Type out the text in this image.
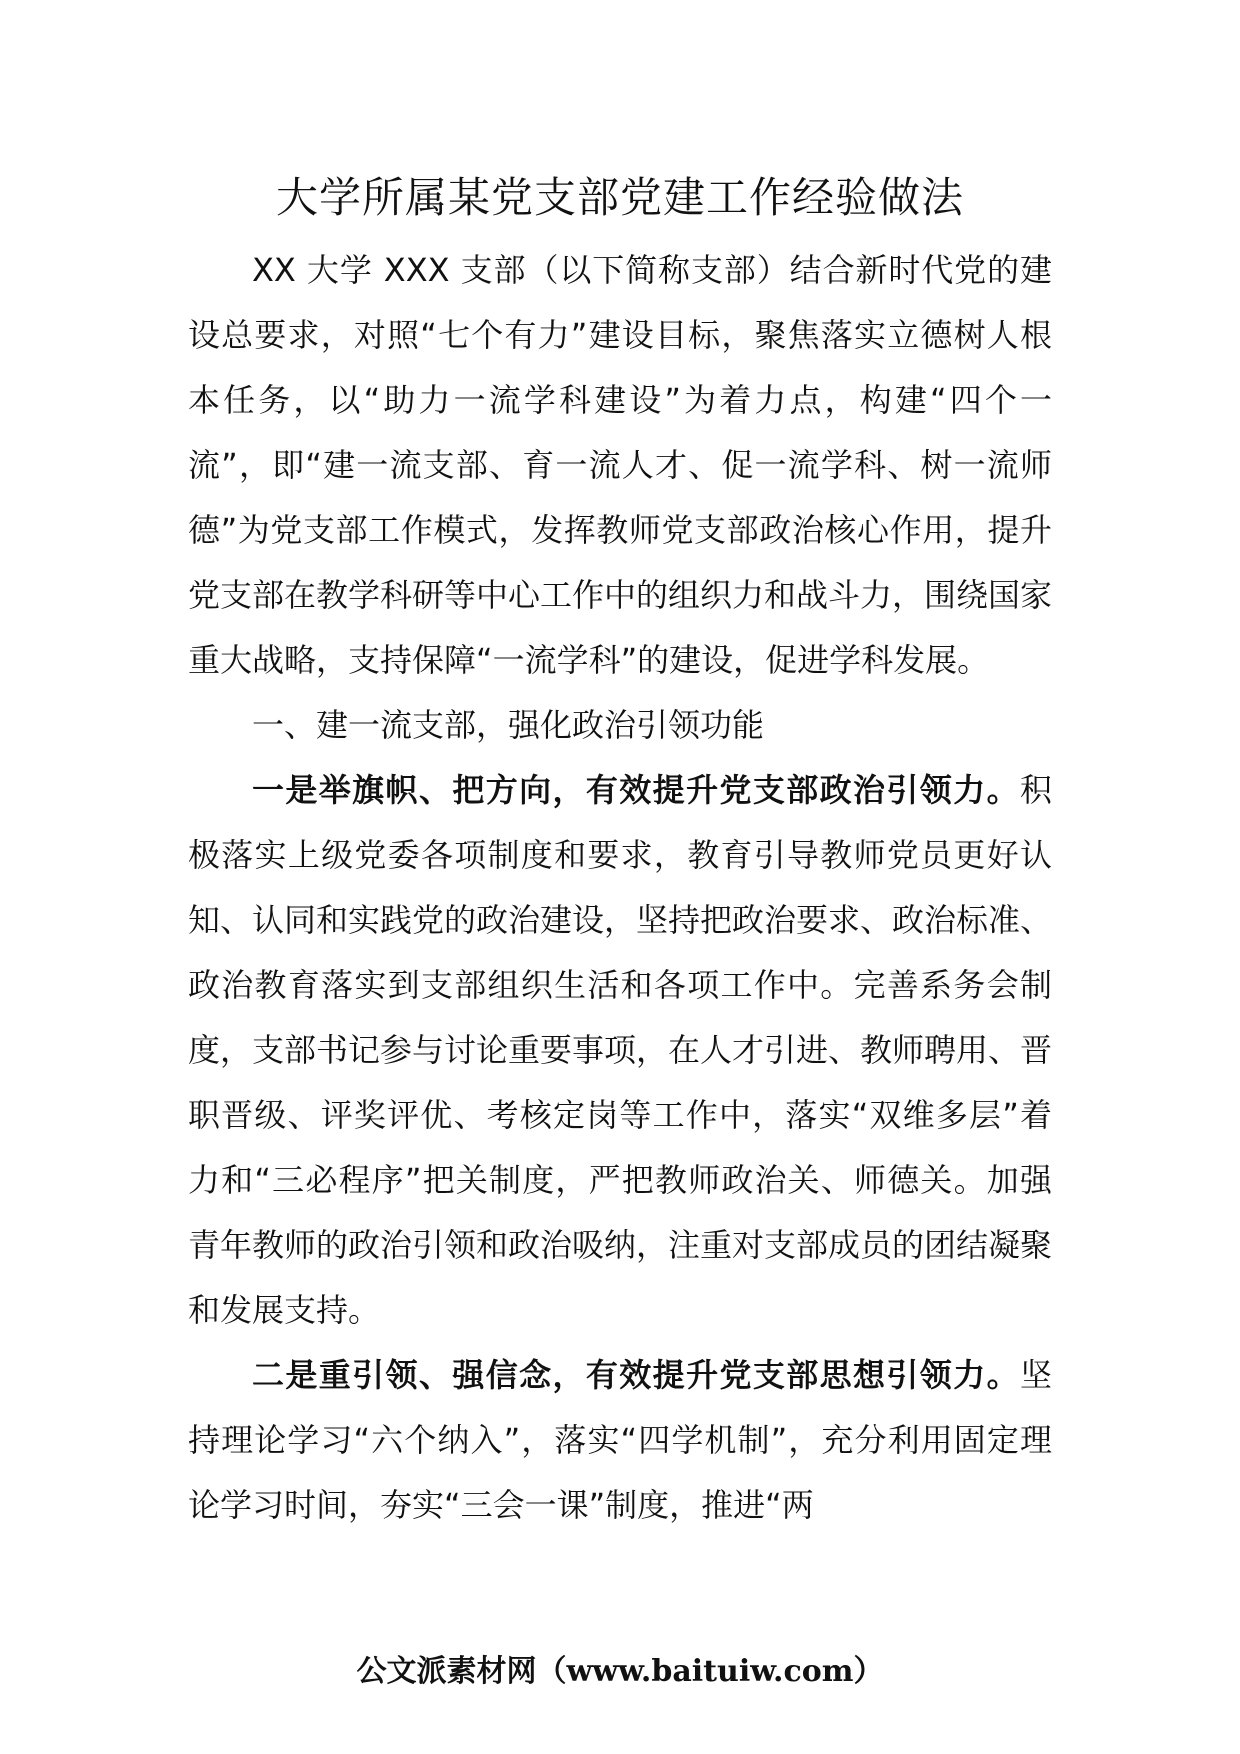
大学所属某党支部党建工作经验做法

XX 大学 XXX 支部（以下简称支部）结合新时代党的建设总要求，对照“七个有力”建设目标，聚焦落实立德树人根本任务，以“助力一流学科建设”为着力点，构建“四个一流”，即“建一流支部、育一流人才、促一流学科、树一流师德”为党支部工作模式，发挥教师党支部政治核心作用，提升党支部在教学科研等中心工作中的组织力和战斗力，围绕国家重大战略，支持保障“一流学科”的建设，促进学科发展。

一、建一流支部，强化政治引领功能

一是举旗帜、把方向，有效提升党支部政治引领力。积极落实上级党委各项制度和要求，教育引导教师党员更好认知、认同和实践党的政治建设，坚持把政治要求、政治标准、政治教育落实到支部组织生活和各项工作中。完善系务会制度，支部书记参与讨论重要事项，在人才引进、教师聘用、晋职晋级、评奖评优、考核定岗等工作中，落实“双维多层”着力和“三必程序”把关制度，严把教师政治关、师德关。加强青年教师的政治引领和政治吸纳，注重对支部成员的团结凝聚和发展支持。

二是重引领、强信念，有效提升党支部思想引领力。坚持理论学习“六个纳入”，落实“四学机制”，充分利用固定理论学习时间，夯实“三会一课”制度，推进“两

公文派素材网（www.baituiw.com）
